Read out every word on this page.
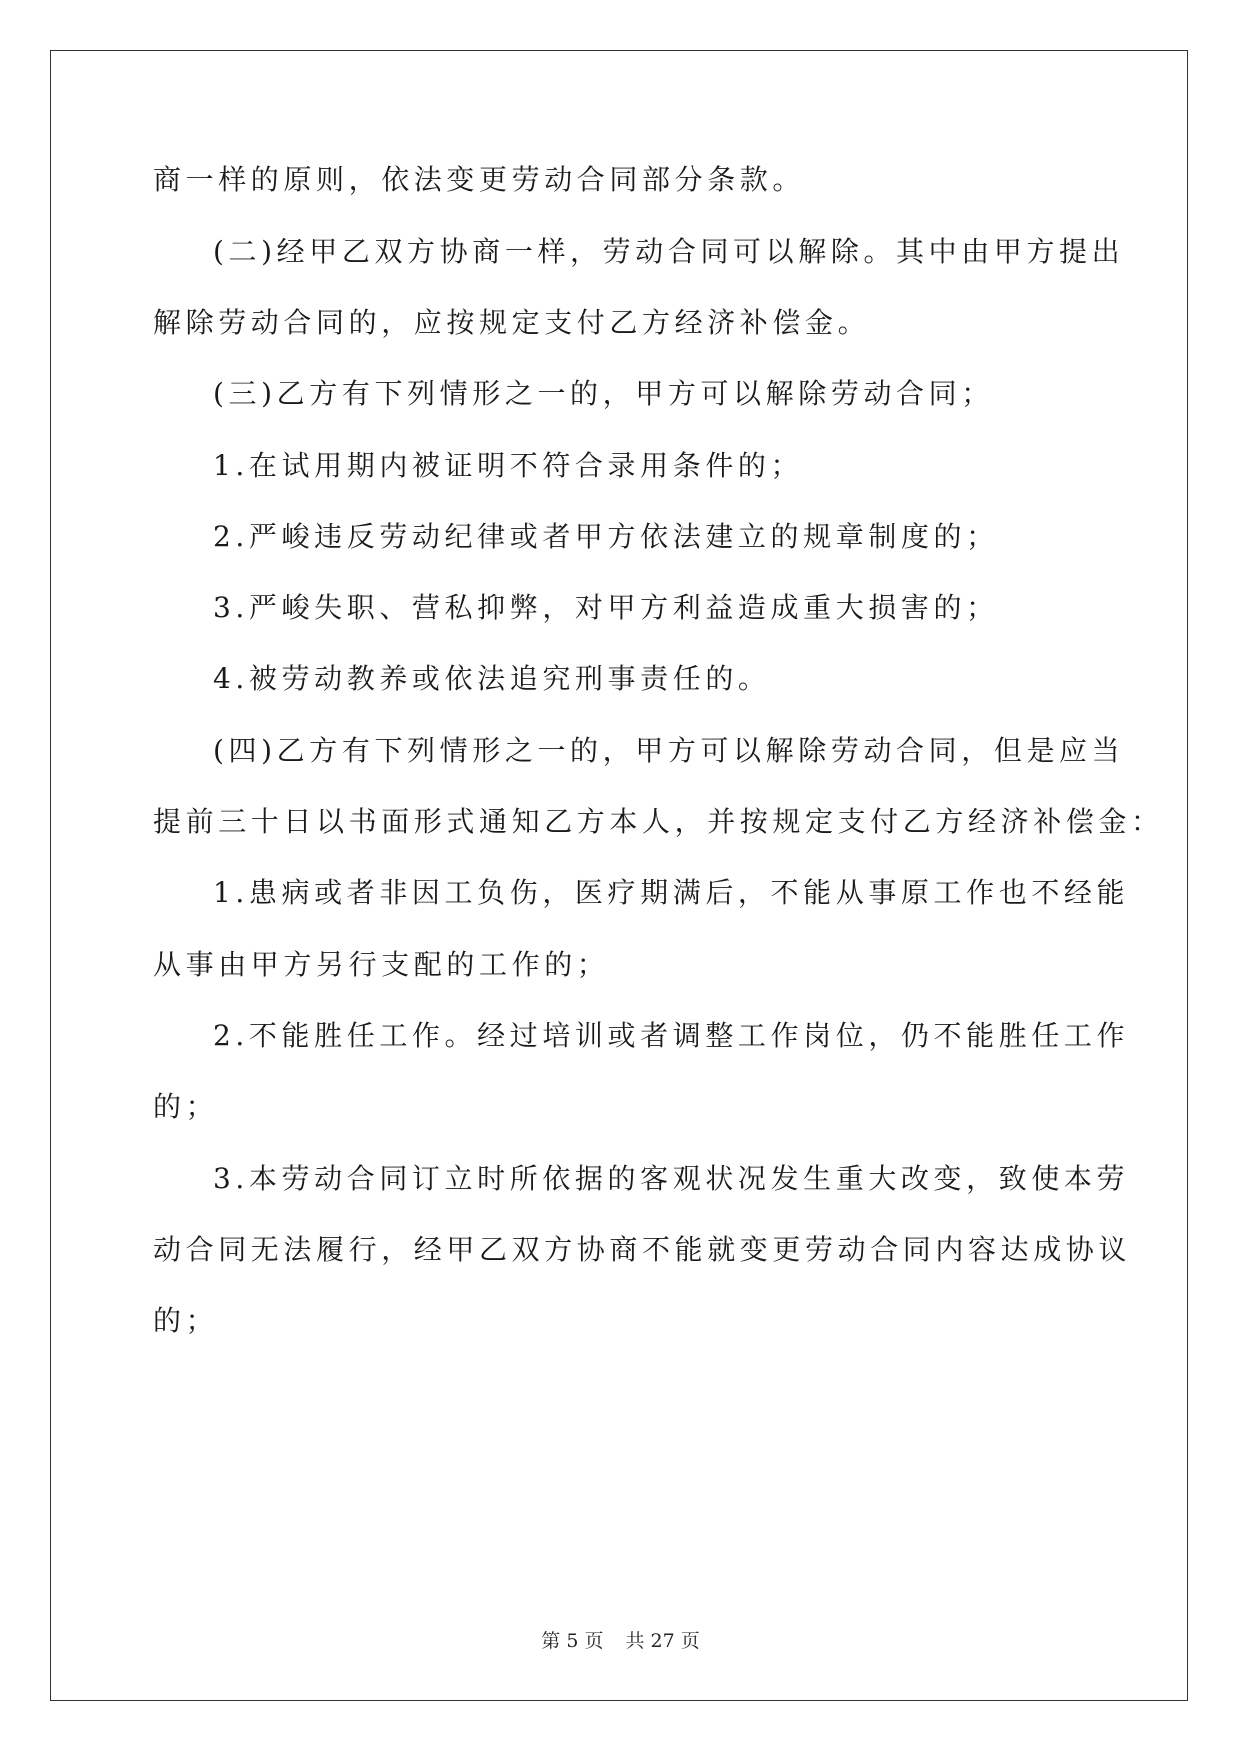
商一样的原则，依法变更劳动合同部分条款。
(二)经甲乙双方协商一样，劳动合同可以解除。其中由甲方提出
解除劳动合同的，应按规定支付乙方经济补偿金。
(三)乙方有下列情形之一的，甲方可以解除劳动合同；
1.在试用期内被证明不符合录用条件的；
2.严峻违反劳动纪律或者甲方依法建立的规章制度的；
3.严峻失职、营私抑弊，对甲方利益造成重大损害的；
4.被劳动教养或依法追究刑事责任的。
(四)乙方有下列情形之一的，甲方可以解除劳动合同，但是应当
提前三十日以书面形式通知乙方本人，并按规定支付乙方经济补偿金：
1.患病或者非因工负伤，医疗期满后，不能从事原工作也不经能
从事由甲方另行支配的工作的；
2.不能胜任工作。经过培训或者调整工作岗位，仍不能胜任工作
的；
3.本劳动合同订立时所依据的客观状况发生重大改变，致使本劳
动合同无法履行，经甲乙双方协商不能就变更劳动合同内容达成协议
的；
第 5 页 共 27 页
